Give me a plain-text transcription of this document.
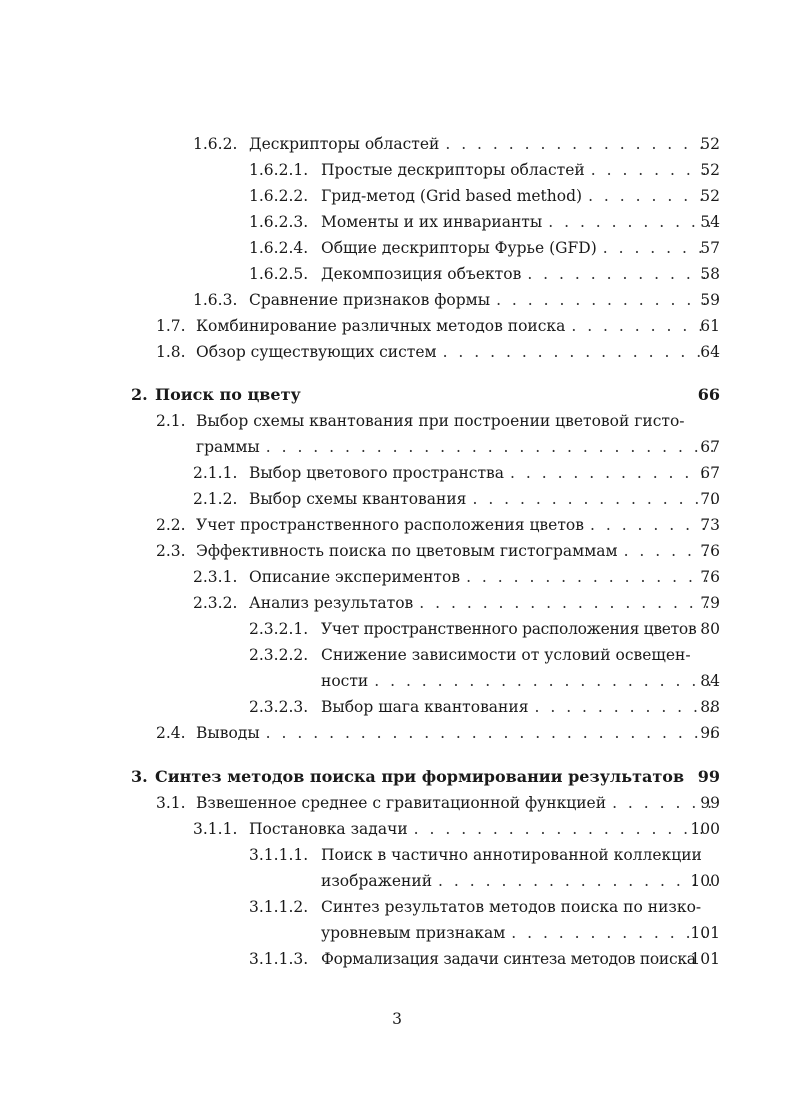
1.6.2. Дескрипторы областей . . .	52
1.6.2.1. Простые дескрипторы областей . . .	52
1.6.2.2. Грид-метод (Grid based method) . . .	52
1.6.2.3. Моменты и их инварианты . . .	54
1.6.2.4. Общие дескрипторы Фурье (GFD) . . .	57
1.6.2.5. Декомпозиция объектов . . .	58
1.6.3. Сравнение признаков формы . . .	59
1.7. Комбинирование различных методов поиска . . .	61
1.8. Обзор существующих систем . . .	64
2. Поиск по цвету	66
2.1. Выбор схемы квантования при построении цветовой гисто-
граммы . . .	67
2.1.1. Выбор цветового пространства . . .	67
2.1.2. Выбор схемы квантования . . .	70
2.2. Учет пространственного расположения цветов . . .	73
2.3. Эффективность поиска по цветовым гистограммам . . .	76
2.3.1. Описание экспериментов . . .	76
2.3.2. Анализ результатов . . .	79
2.3.2.1. Учет пространственного расположения цветов 80
2.3.2.2. Снижение зависимости от условий освещен-
ности . . .	84
2.3.2.3. Выбор шага квантования . . .	88
2.4. Выводы . . .	96
3. Синтез методов поиска при формировании результатов 99
3.1. Взвешенное среднее с гравитационной функцией . . .	99
3.1.1. Постановка задачи . . .	100
3.1.1.1. Поиск в частично аннотированной коллекции
изображений . . .	100
3.1.1.2. Синтез результатов методов поиска по низко-
уровневым признакам . . .	101
3.1.1.3. Формализация задачи синтеза методов поиска
101
3
